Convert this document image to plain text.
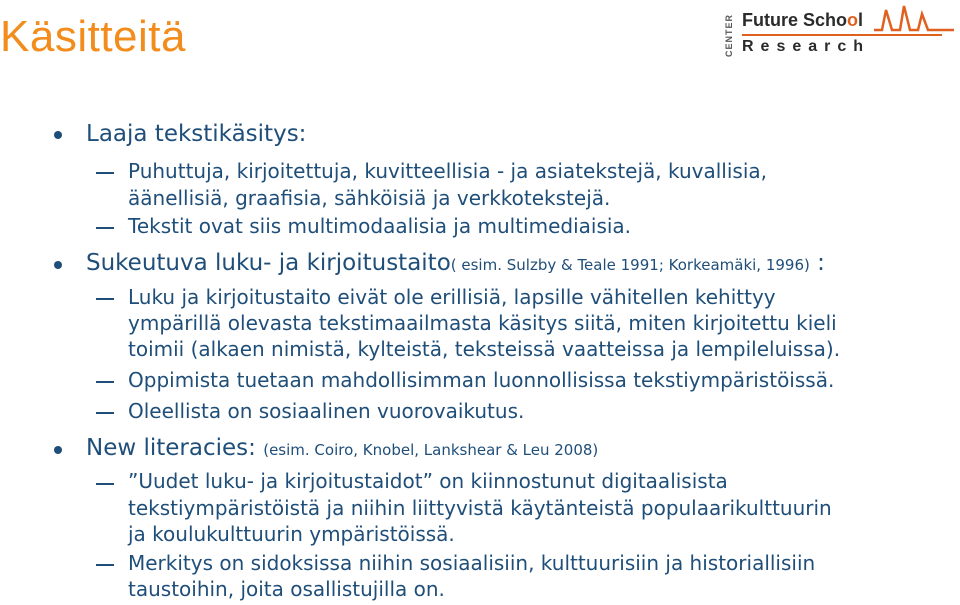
Käsitteitä	CENTER Future School
Research
Laaja tekstikäsitys:
Puhuttuja, kirjoitettuja, kuvitteellisia - ja asiatekstejä, kuvallisia,
äänellisiä, graafisia, sähköisiä ja verkkotekstejä.
Tekstit ovat siis multimodaalisia ja multimediaisia.
Sukeutuva luku- ja kirjoitustaito( esim. Sulzby & Teale 1991; Korkeamäki, 1996) :
Luku ja kirjoitustaito eivät ole erillisiä, lapsille vähitellen kehittyy
ympärillä olevasta tekstimaailmasta käsitys siitä, miten kirjoitettu kieli
toimii (alkaen nimistä, kylteistä, teksteissä vaatteissa ja lempileluissa).
Oppimista tuetaan mahdollisimman luonnollisissa tekstiympäristöissä.
Oleellista on sosiaalinen vuorovaikutus.
New literacies: (esim. Coiro, Knobel, Lankshear & Leu 2008)
”Uudet luku- ja kirjoitustaidot” on kiinnostunut digitaalisista
tekstiympäristöistä ja niihin liittyvistä käytänteistä populaarikulttuurin
ja koulukulttuurin ympäristöissä.
Merkitys on sidoksissa niihin sosiaalisiin, kulttuurisiin ja historiallisiin
taustoihin, joita osallistujilla on.
